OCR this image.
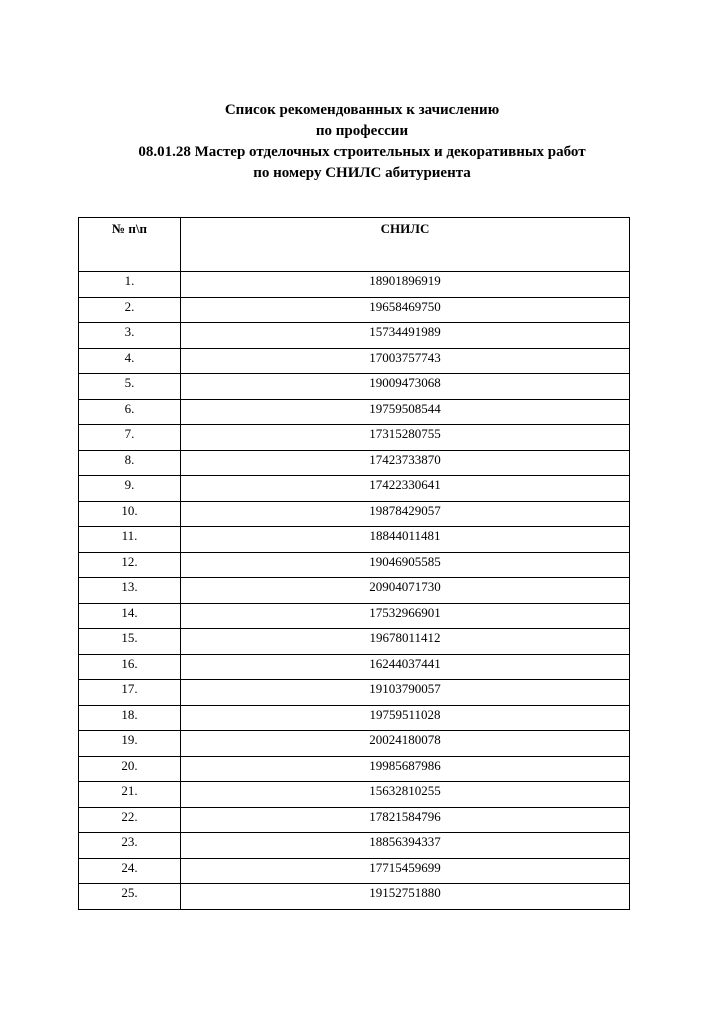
Список рекомендованных к зачислению
по профессии
08.01.28 Мастер отделочных строительных и декоративных работ
по номеру СНИЛС абитуриента
№ п\п	СНИЛС
1.	18901896919
2.	19658469750
3.	15734491989
4.	17003757743
5.	19009473068
6.	19759508544
7.	17315280755
8.	17423733870
9.	17422330641
10.	19878429057
11.	18844011481
12.	19046905585
13.	20904071730
14.	17532966901
15.	19678011412
16.	16244037441
17.	19103790057
18.	19759511028
19.	20024180078
20.	19985687986
21.	15632810255
22.	17821584796
23.	18856394337
24.	17715459699
25.	19152751880
